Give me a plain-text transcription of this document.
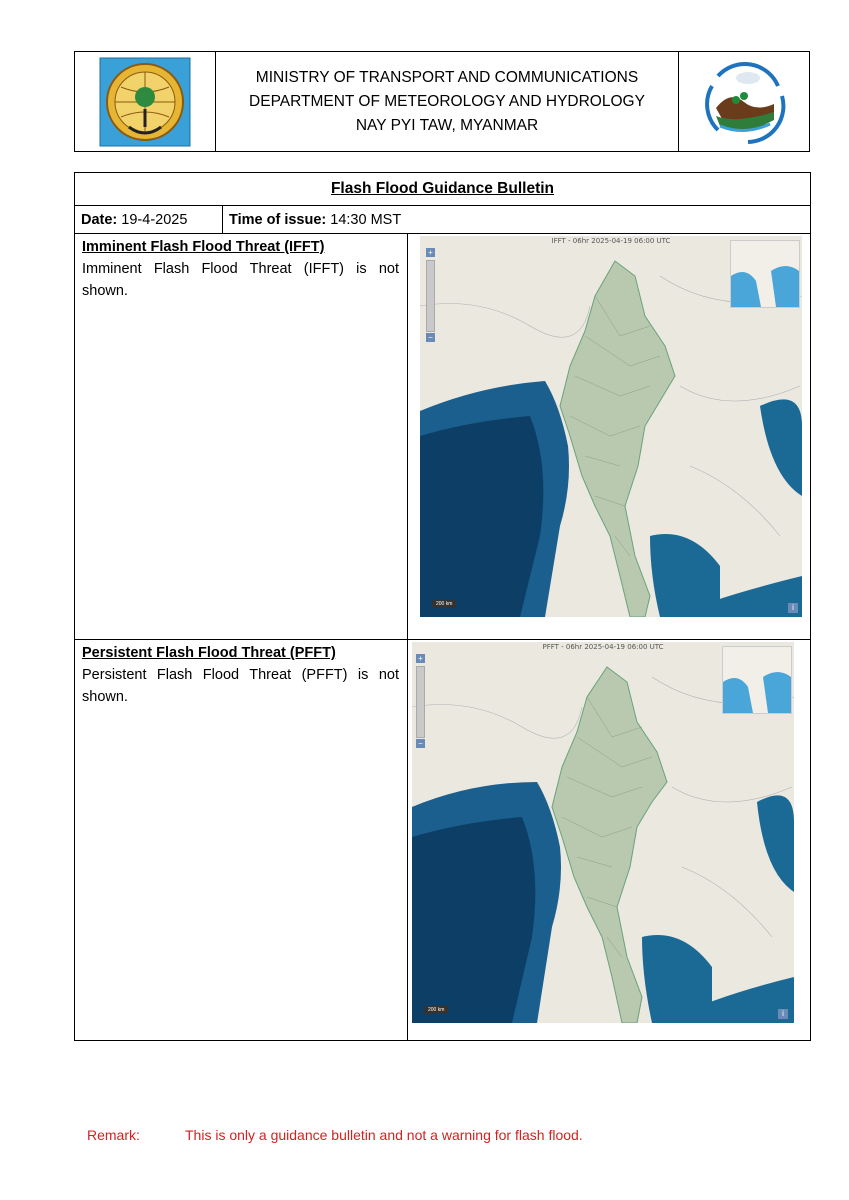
MINISTRY OF TRANSPORT AND COMMUNICATIONS
DEPARTMENT OF METEOROLOGY AND HYDROLOGY
NAY PYI TAW, MYANMAR
Flash Flood Guidance Bulletin
Date:
19-4-2025	Time of issue:
14:30 MST
Imminent Flash Flood Threat (IFFT)
Imminent Flash Flood Threat (IFFT) is not shown.
IFFT - 06hr 2025-04-19 06:00 UTC
+
−
200 km	i
Persistent Flash Flood Threat (PFFT)
Persistent Flash Flood Threat (PFFT) is not shown.
PFFT - 06hr 2025-04-19 06:00 UTC
+
−
200 km	i
Remark:	This is only a guidance bulletin and not a warning for flash flood.
